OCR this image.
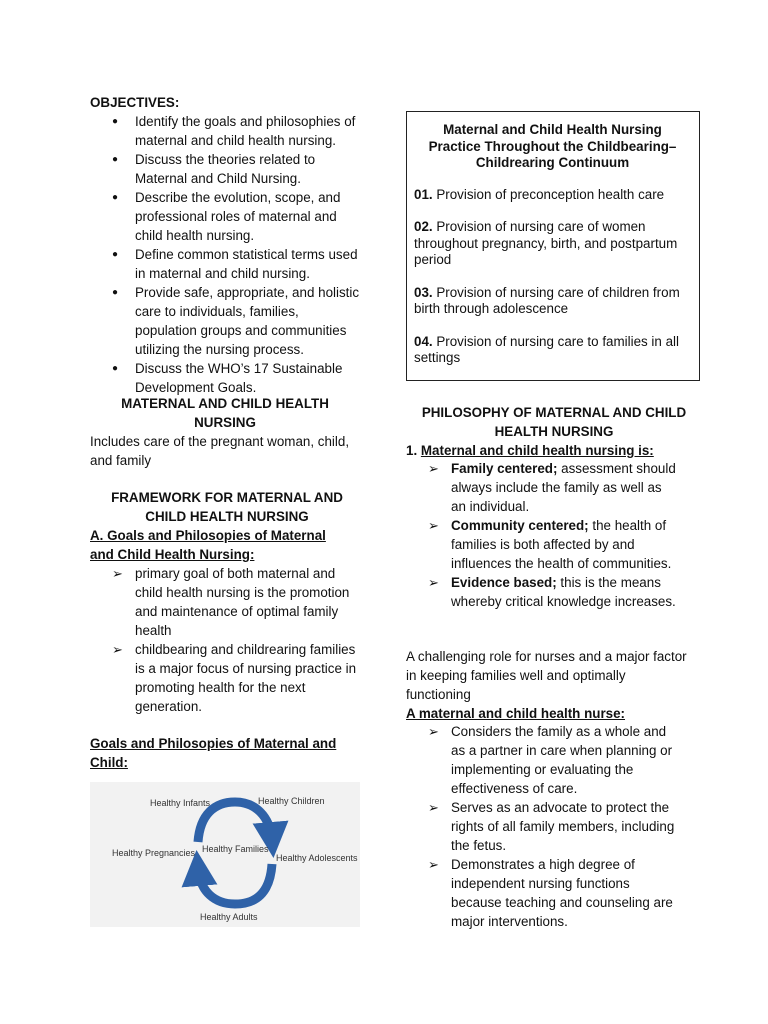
OBJECTIVES:
● Identify the goals and philosophies of maternal and child health nursing.
● Discuss the theories related to Maternal and Child Nursing.
● Describe the evolution, scope, and professional roles of maternal and child health nursing.
● Define common statistical terms used in maternal and child nursing.
● Provide safe, appropriate, and holistic care to individuals, families, population groups and communities utilizing the nursing process.
● Discuss the WHO’s 17 Sustainable Development Goals.
MATERNAL AND CHILD HEALTH NURSING
Includes care of the pregnant woman, child, and family
FRAMEWORK FOR MATERNAL AND CHILD HEALTH NURSING
A. Goals and Philosopies of Maternal and Child Health Nursing:
➢ primary goal of both maternal and child health nursing is the promotion and maintenance of optimal family health
➢ childbearing and childrearing families is a major focus of nursing practice in promoting health for the next generation.
Goals and Philosopies of Maternal and Child:
Healthy Infants	Healthy Children
Healthy Pregnancies Healthy Families
Healthy Adolescents
Healthy Adults
Maternal and Child Health Nursing Practice Throughout the Childbearing–Childrearing Continuum
01. Provision of preconception health care
02. Provision of nursing care of women throughout pregnancy, birth, and postpartum period
03. Provision of nursing care of children from birth through adolescence
04. Provision of nursing care to families in all settings
PHILOSOPHY OF MATERNAL AND CHILD HEALTH NURSING
1. Maternal and child health nursing is:
➢ Family centered; assessment should always include the family as well as an individual.
➢ Community centered; the health of families is both affected by and influences the health of communities.
➢ Evidence based; this is the means whereby critical knowledge increases.
A challenging role for nurses and a major factor in keeping families well and optimally functioning
A maternal and child health nurse:
➢ Considers the family as a whole and as a partner in care when planning or implementing or evaluating the effectiveness of care.
➢ Serves as an advocate to protect the rights of all family members, including the fetus.
➢ Demonstrates a high degree of independent nursing functions because teaching and counseling are major interventions.
